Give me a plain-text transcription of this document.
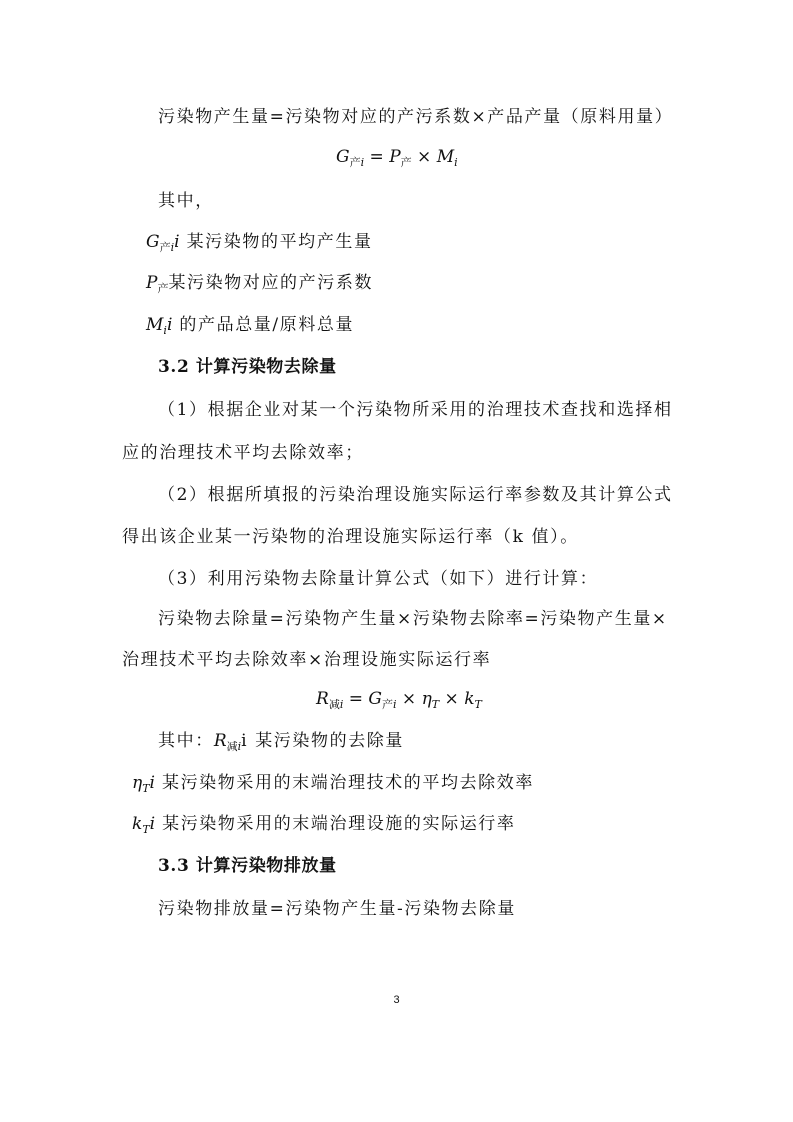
污染物产生量=污染物对应的产污系数×产品产量（原料用量）
$G_{产i} = P_产 \times M_i$
其中，
$G_{产i}i$ 某污染物的平均产生量
$P_产$某污染物对应的产污系数
$M_ii$ 的产品总量/原料总量
3.2 计算污染物去除量
（1）根据企业对某一个污染物所采用的治理技术查找和选择相
应的治理技术平均去除效率；
（2）根据所填报的污染治理设施实际运行率参数及其计算公式
得出该企业某一污染物的治理设施实际运行率（k 值）。
（3）利用污染物去除量计算公式（如下）进行计算：
污染物去除量=污染物产生量×污染物去除率=污染物产生量×
治理技术平均去除效率×治理设施实际运行率
$R_{减i} = G_{产i} \times \eta_T \times k_T$
其中：$R_{减i}i$ 某污染物的去除量
$\eta_Ti$ 某污染物采用的末端治理技术的平均去除效率
$k_Ti$ 某污染物采用的末端治理设施的实际运行率
3.3 计算污染物排放量
污染物排放量=污染物产生量-污染物去除量
3
